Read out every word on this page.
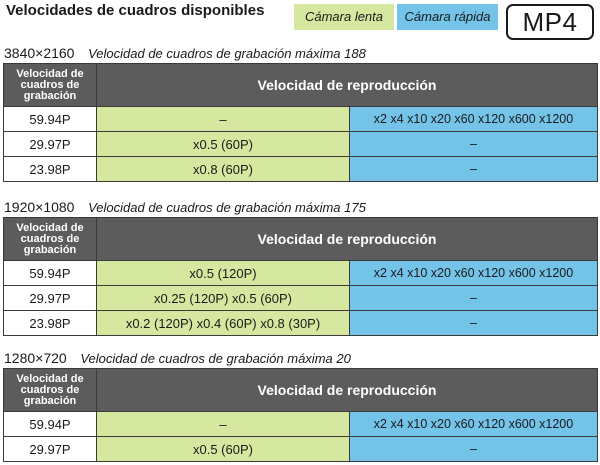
Velocidades de cuadros disponibles	Cámara lenta	Cámara rápida	MP4
3840×2160 Velocidad de cuadros de grabación máxima 188
Velocidad de cuadros de grabación	Velocidad de reproducción	
59.94P	–	x2 x4 x10 x20 x60 x120 x600 x1200
29.97P	x0.5 (60P)	–
23.98P	x0.8 (60P)	–
1920×1080 Velocidad de cuadros de grabación máxima 175
Velocidad de cuadros de grabación	Velocidad de reproducción	
59.94P	x0.5 (120P)	x2 x4 x10 x20 x60 x120 x600 x1200
29.97P	x0.25 (120P) x0.5 (60P)	–
23.98P	x0.2 (120P) x0.4 (60P) x0.8 (30P)	–
1280×720 Velocidad de cuadros de grabación máxima 20
Velocidad de cuadros de grabación	Velocidad de reproducción	
59.94P	–	x2 x4 x10 x20 x60 x120 x600 x1200
29.97P	x0.5 (60P)	–
